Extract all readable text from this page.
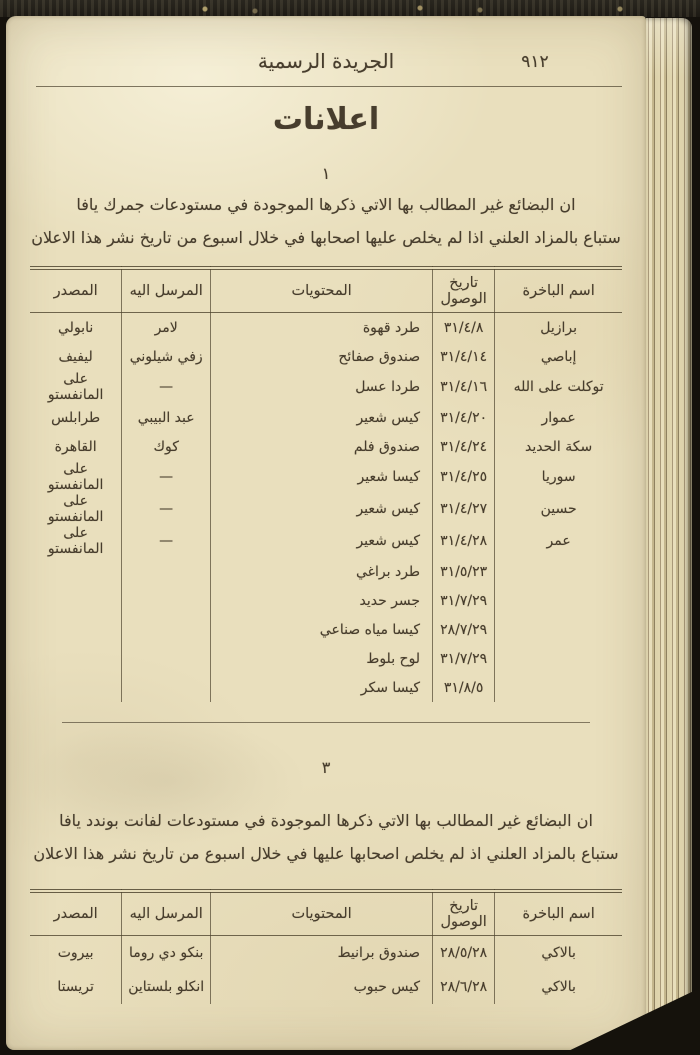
٩١٢
الجريدة الرسمية
اعلانات
١
ان البضائع غير المطالب بها الاتي ذكرها الموجودة في مستودعات جمرك يافا
ستباع بالمزاد العلني اذا لم يخلص عليها اصحابها في خلال اسبوع من تاريخ نشر هذا الاعلان
اسم الباخرة	تاريخ الوصول	المحتويات	المرسل اليه	المصدر
برازيل	٣١/٤/٨	طرد قهوة	لامر	نابولي
إباصي	٣١/٤/١٤	صندوق صفائح	زفي شيلوني	ليفيف
توكلت على الله	٣١/٤/١٦	طردا عسل	—	على المانفستو
عموار	٣١/٤/٢٠	كيس شعير	عبد البيبي	طرابلس
سكة الحديد	٣١/٤/٢٤	صندوق فلم	كوك	القاهرة
سوريا	٣١/٤/٢٥	كيسا شعير	—	على المانفستو
حسين	٣١/٤/٢٧	كيس شعير	—	على المانفستو
عمر	٣١/٤/٢٨	كيس شعير	—	على المانفستو
	٣١/٥/٢٣	طرد براغي		
	٣١/٧/٢٩	جسر حديد		
	٢٨/٧/٢٩	كيسا مياه صناعي		
	٣١/٧/٢٩	لوح بلوط		
	٣١/٨/٥	كيسا سكر		
٣
ان البضائع غير المطالب بها الاتي ذكرها الموجودة في مستودعات لفانت بوندد يافا
ستباع بالمزاد العلني اذ لم يخلص اصحابها عليها في خلال اسبوع من تاريخ نشر هذا الاعلان
اسم الباخرة	تاريخ الوصول	المحتويات	المرسل اليه	المصدر
بالاكي	٢٨/٥/٢٨	صندوق برانيط	بنكو دي روما	بيروت
بالاكي	٢٨/٦/٢٨	كيس حبوب	انكلو بلستاين	تريستا
